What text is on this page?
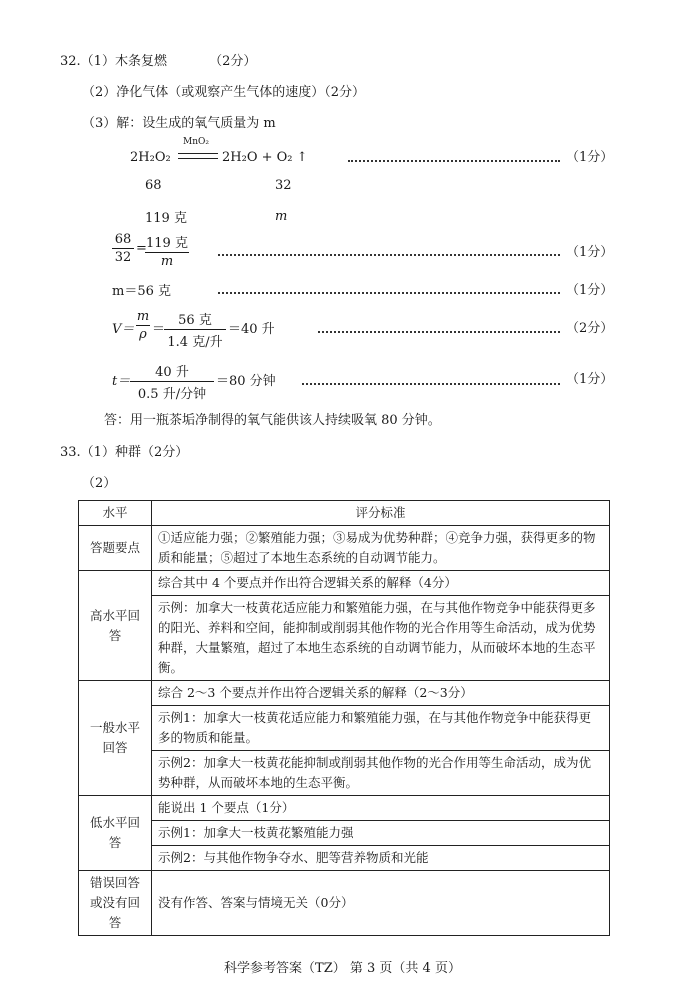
32.（1）木条复燃	（2分）
（2）净化气体（或观察产生气体的速度）（2分）
（3）解：设生成的氧气质量为 m
MnO₂
2H₂O₂	2H₂O + O₂ ↑	（1分）
68	32
119 克	m
68
32
= 119 克
m
（1分）
m＝56 克	（1分）
V＝
m
ρ ＝
56 克
1.4 克/升
＝40 升	（2分）
t＝
40 升
0.5 升/分钟
＝80 分钟	（1分）
答：用一瓶茶垢净制得的氧气能供该人持续吸氧 80 分钟。
33.（1）种群（2分）
（2）
水平	评分标准
答题要点	①适应能力强；②繁殖能力强；③易成为优势种群；④竞争力强，获得更多的物质和能量；⑤超过了本地生态系统的自动调节能力。
高水平回答	综合其中 4 个要点并作出符合逻辑关系的解释（4分）
	示例：加拿大一枝黄花适应能力和繁殖能力强，在与其他作物竞争中能获得更多的阳光、养料和空间，能抑制或削弱其他作物的光合作用等生命活动，成为优势种群，大量繁殖，超过了本地生态系统的自动调节能力，从而破坏本地的生态平衡。
一般水平回答	综合 2～3 个要点并作出符合逻辑关系的解释（2～3分）
	示例1：加拿大一枝黄花适应能力和繁殖能力强，在与其他作物竞争中能获得更多的物质和能量。
	示例2：加拿大一枝黄花能抑制或削弱其他作物的光合作用等生命活动，成为优势种群，从而破坏本地的生态平衡。
低水平回答	能说出 1 个要点（1分）
	示例1：加拿大一枝黄花繁殖能力强
	示例2：与其他作物争夺水、肥等营养物质和光能
错误回答或没有回答	没有作答、答案与情境无关（0分）
科学参考答案（TZ） 第 3 页（共 4 页）
